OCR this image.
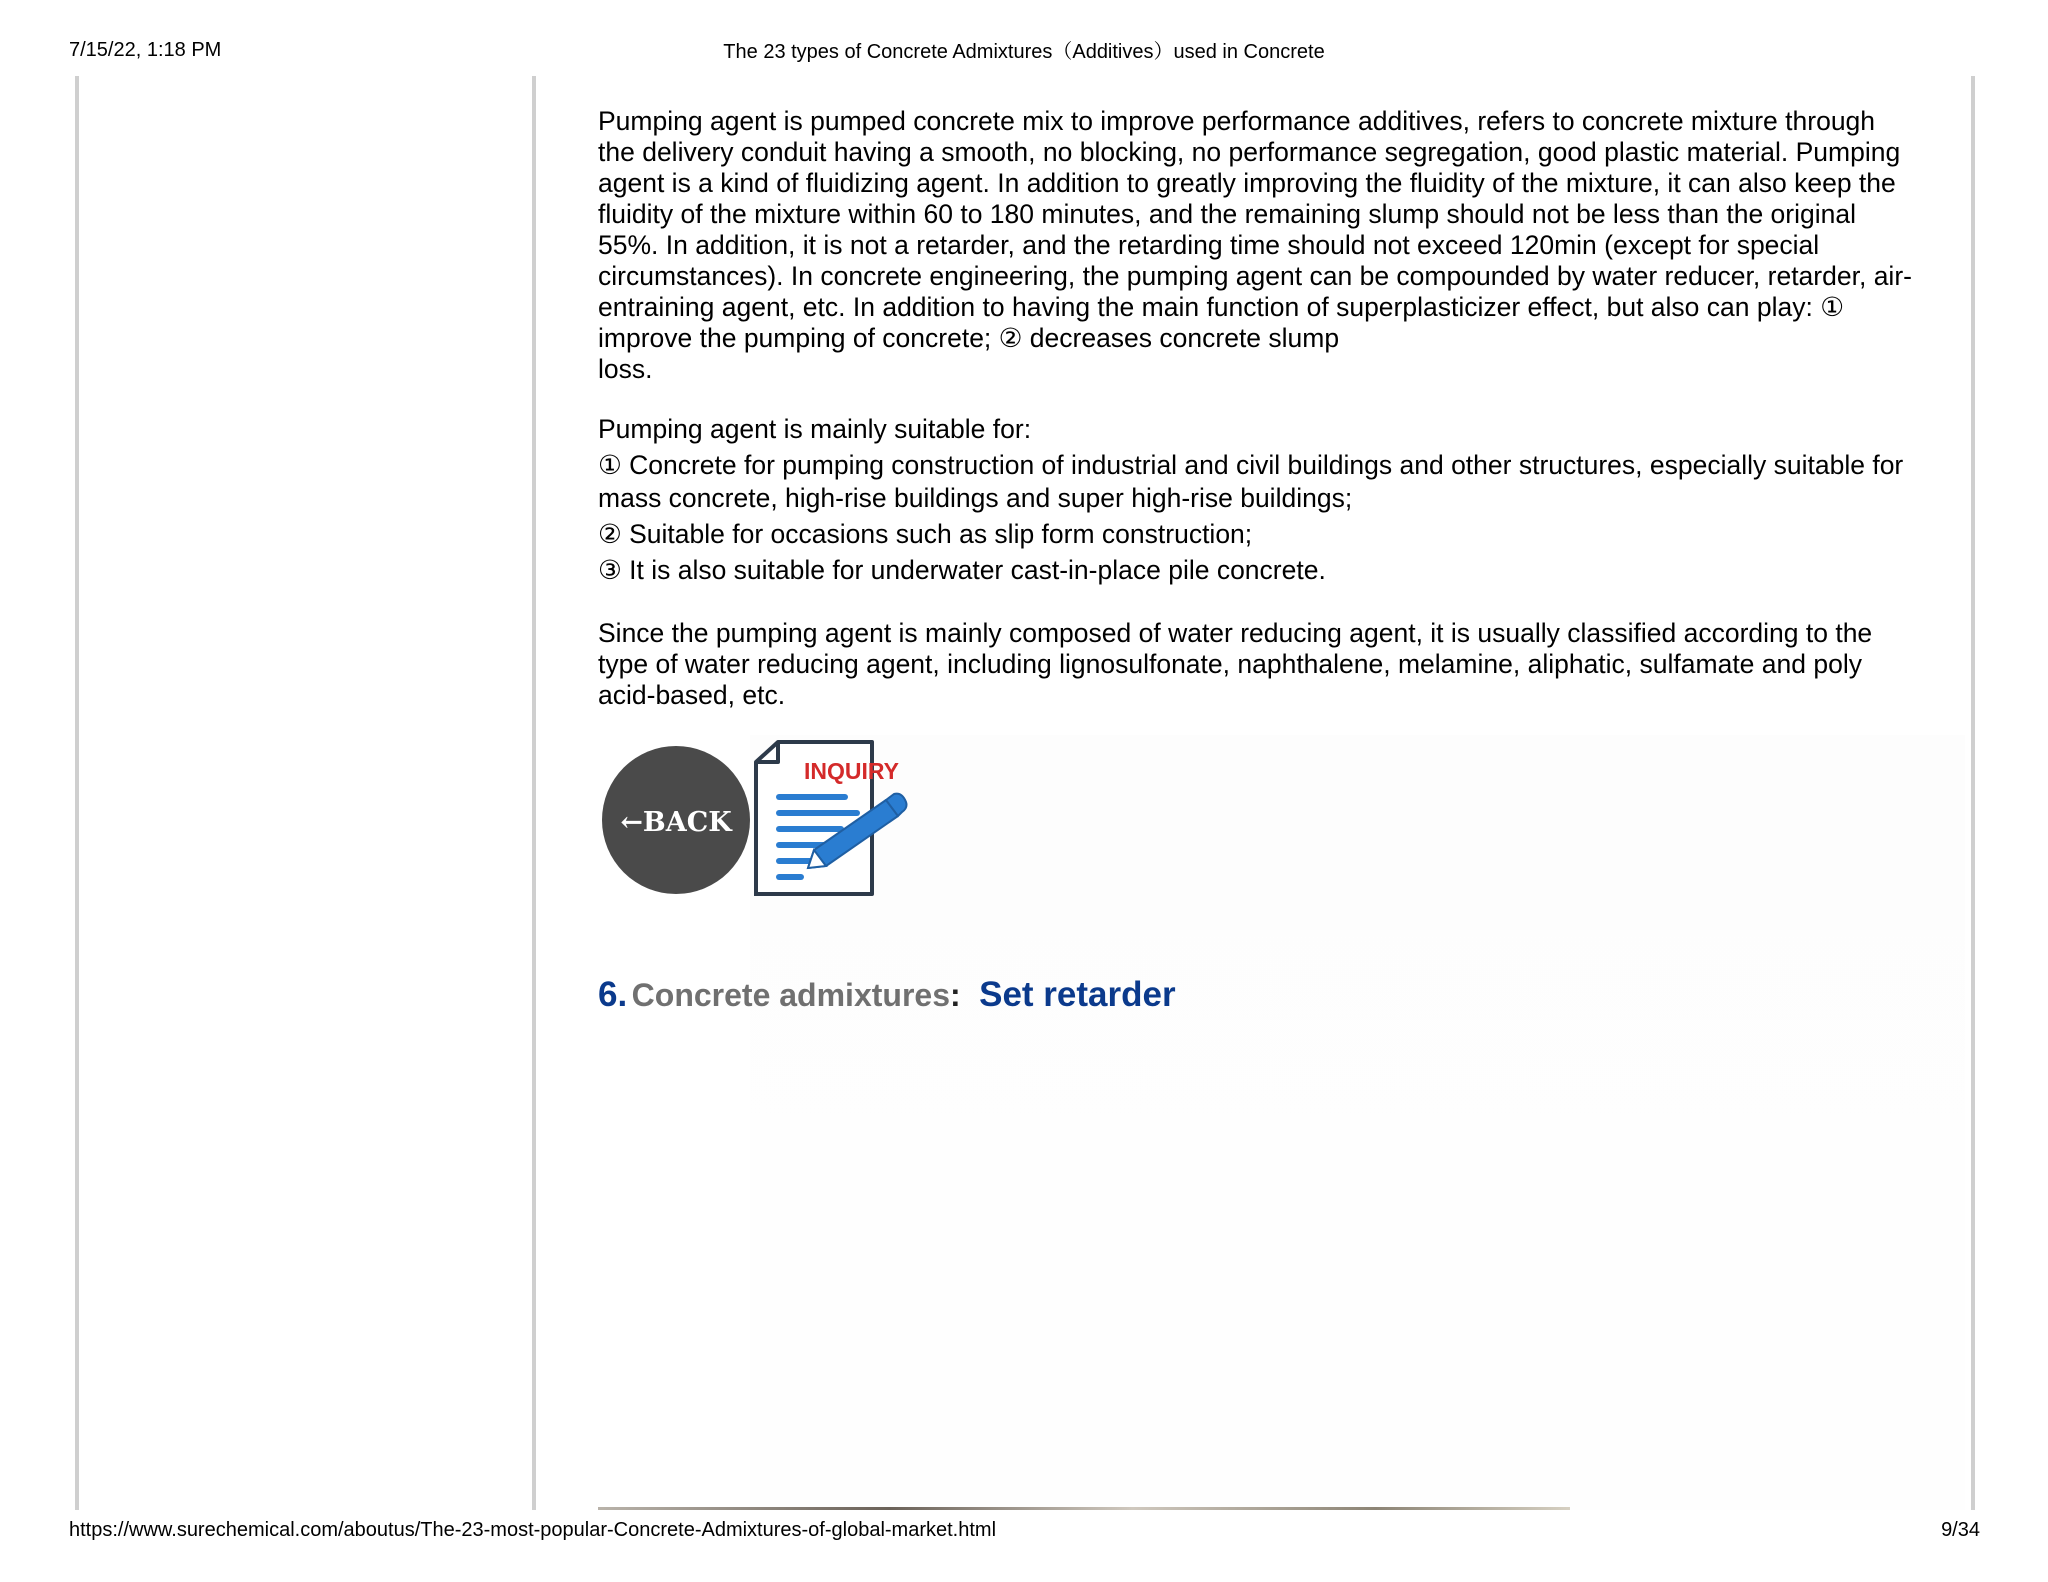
7/15/22, 1:18 PM	The 23 types of Concrete Admixtures（Additives）used in Concrete

Pumping agent is pumped concrete mix to improve performance additives, refers to concrete mixture through the delivery conduit having a smooth, no blocking, no performance segregation, good plastic material. Pumping agent is a kind of fluidizing agent. In addition to greatly improving the fluidity of the mixture, it can also keep the fluidity of the mixture within 60 to 180 minutes, and the remaining slump should not be less than the original 55%. In addition, it is not a retarder, and the retarding time should not exceed 120min (except for special circumstances). In concrete engineering, the pumping agent can be compounded by water reducer, retarder, air-entraining agent, etc. In addition to having the main function of superplasticizer effect, but also can play: ① improve the pumping of concrete; ② decreases concrete slump
loss.

Pumping agent is mainly suitable for:

① Concrete for pumping construction of industrial and civil buildings and other structures, especially suitable for mass concrete, high-rise buildings and super high-rise buildings;

② Suitable for occasions such as slip form construction;

③ It is also suitable for underwater cast-in-place pile concrete.

Since the pumping agent is mainly composed of water reducing agent, it is usually classified according to the type of water reducing agent, including lignosulfonate, naphthalene, melamine, aliphatic, sulfamate and poly acid-based, etc.

←BACK
INQUIRY
6. Concrete admixtures: Set retarder
https://www.surechemical.com/aboutus/The-23-most-popular-Concrete-Admixtures-of-global-market.html	9/34
